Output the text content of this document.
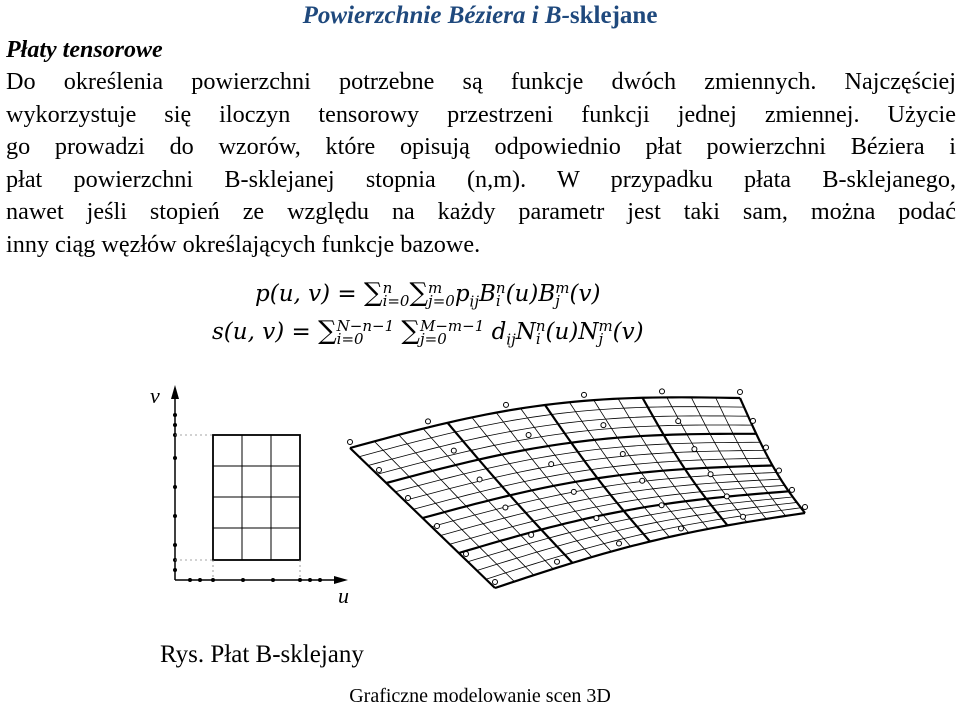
Powierzchnie Béziera i B-sklejane
Płaty tensorowe
Do określenia powierzchni potrzebne są funkcje dwóch zmiennych. Najczęściej
wykorzystuje się iloczyn tensorowy przestrzeni funkcji jednej zmiennej. Użycie
go prowadzi do wzorów, które opisują odpowiednio płat powierzchni Béziera i
płat powierzchni B-sklejanej stopnia (n,m). W przypadku płata B-sklejanego,
nawet jeśli stopień ze względu na każdy parametr jest taki sam, można podać
inny ciąg węzłów określających funkcje bazowe.
p(u, v) = ∑ n
i=0 ∑ m
j=0 $p_{ij}B$ n
i (u)B m
j (v)
s(u, v) = ∑ N−n−1
i=0	∑ M−m−1
j=0	$d_{ij}N$ n
i (u)N m
j (v)
v
u
Rys. Płat B-sklejany
Graficzne modelowanie scen 3D
